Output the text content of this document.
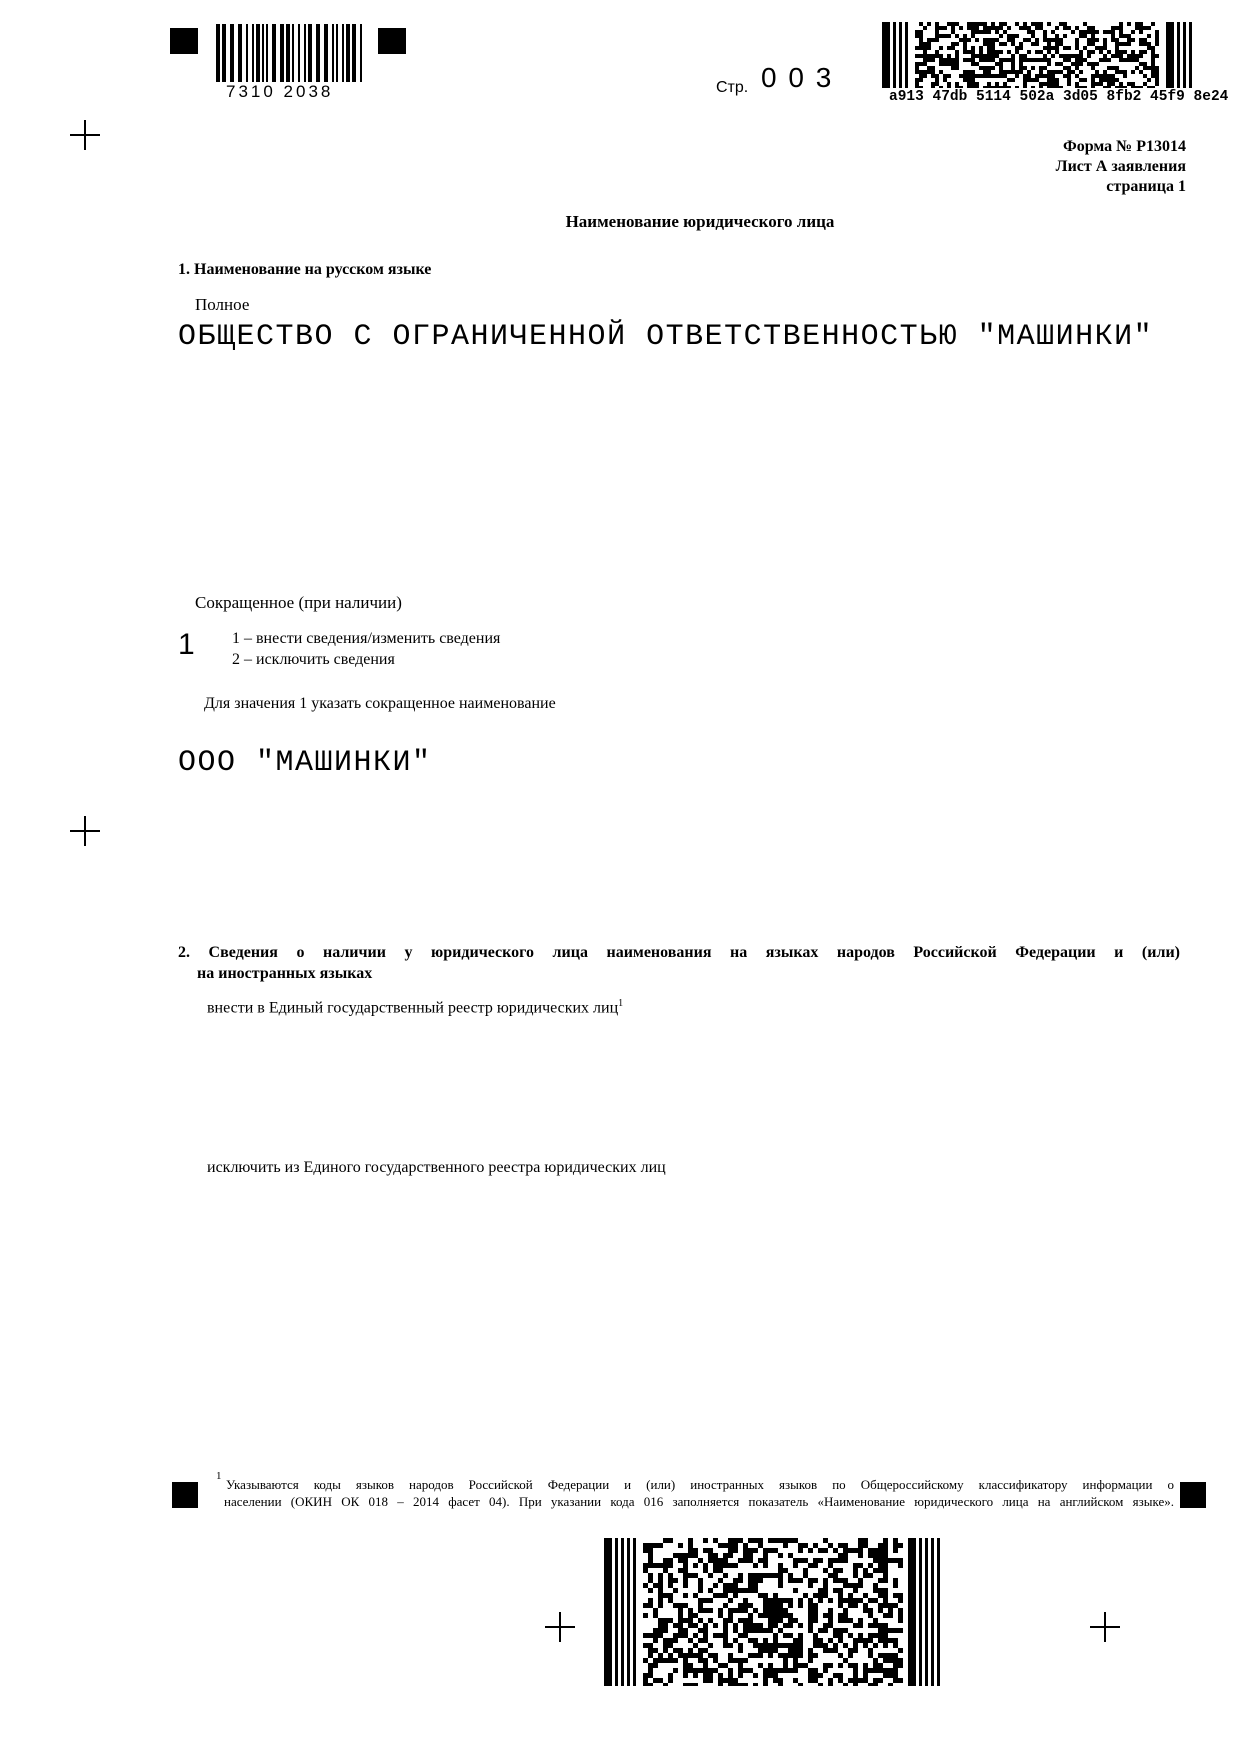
7310 2038	Стр. 0 0 3
a913 47db 5114 502a 3d05 8fb2 45f9 8e24
Форма № Р13014
Лист А заявления
страница 1
Наименование юридического лица
1. Наименование на русском языке
Полное
ОБЩЕСТВО С ОГРАНИЧЕННОЙ ОТВЕТСТВЕННОСТЬЮ "МАШИНКИ"
Сокращенное (при наличии)
1 1 – внести сведения/изменить сведения
2 – исключить сведения
Для значения 1 указать сокращенное наименование
ООО "МАШИНКИ"
2. Сведения о наличии у юридического лица наименования на языках народов Российской Федерации и (или)
на иностранных языках
внести в Единый государственный реестр юридических лиц$^1$
исключить из Единого государственного реестра юридических лиц
1
Указываются коды языков народов Российской Федерации и (или) иностранных языков по Общероссийскому классификатору информации о
населении (ОКИН ОК 018 – 2014 фасет 04). При указании кода 016 заполняется показатель «Наименование юридического лица на английском языке».
